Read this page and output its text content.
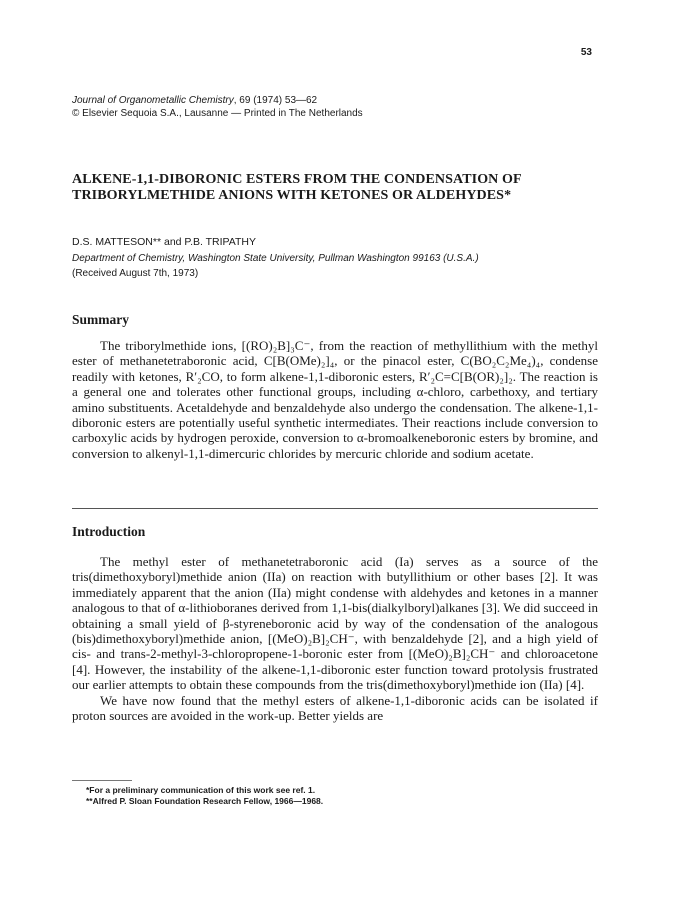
53
Journal of Organometallic Chemistry, 69 (1974) 53—62
© Elsevier Sequoia S.A., Lausanne — Printed in The Netherlands
ALKENE-1,1-DIBORONIC ESTERS FROM THE CONDENSATION OF TRIBORYLMETHIDE ANIONS WITH KETONES OR ALDEHYDES*
D.S. MATTESON** and P.B. TRIPATHY
Department of Chemistry, Washington State University, Pullman Washington 99163 (U.S.A.)
(Received August 7th, 1973)
Summary

The triborylmethide ions, [(RO)₂B]₃C⁻, from the reaction of methyllithium with the methyl ester of methanetetraboronic acid, C[B(OMe)₂]₄, or the pinacol ester, C(BO₂C₂Me₄)₄, condense readily with ketones, R′₂CO, to form alkene-1,1-diboronic esters, R′₂C=C[B(OR)₂]₂. The reaction is a general one and tolerates other functional groups, including α-chloro, carbethoxy, and tertiary amino substituents. Acetaldehyde and benzaldehyde also undergo the condensation. The alkene-1,1-diboronic esters are potentially useful synthetic intermediates. Their reactions include conversion to carboxylic acids by hydrogen peroxide, conversion to α-bromoalkeneboronic esters by bromine, and conversion to alkenyl-1,1-dimercuric chlorides by mercuric chloride and sodium acetate.

Introduction

The methyl ester of methanetetraboronic acid (Ia) serves as a source of the tris(dimethoxyboryl)methide anion (IIa) on reaction with butyllithium or other bases [2]. It was immediately apparent that the anion (IIa) might condense with aldehydes and ketones in a manner analogous to that of α-lithioboranes derived from 1,1-bis(dialkylboryl)alkanes [3]. We did succeed in obtaining a small yield of β-styreneboronic acid by way of the condensation of the analogous (bis)dimethoxyboryl)methide anion, [(MeO)₂B]₂CH⁻, with benzaldehyde [2], and a high yield of cis- and trans-2-methyl-3-chloropropene-1-boronic ester from [(MeO)₂B]₂CH⁻ and chloroacetone [4]. However, the instability of the alkene-1,1-diboronic ester function toward protolysis frustrated our earlier attempts to obtain these compounds from the tris(dimethoxyboryl)methide ion (IIa) [4].

We have now found that the methyl esters of alkene-1,1-diboronic acids can be isolated if proton sources are avoided in the work-up. Better yields are

*For a preliminary communication of this work see ref. 1.
**Alfred P. Sloan Foundation Research Fellow, 1966—1968.
